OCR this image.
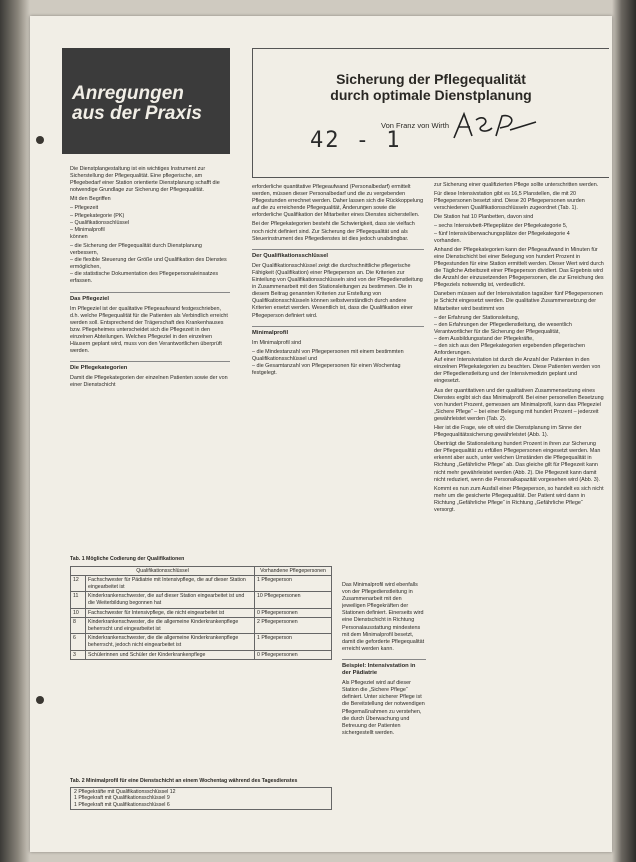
Anregungen
aus der Praxis
Sicherung der Pflegequalität
durch optimale Dienstplanung
Von Franz von Wirth
42 - 1

Die Dienstplangestaltung ist ein wichtiges Instrument zur Sicherstellung der Pflegequalität. Eine pflegerische, am Pflegebedarf einer Station orientierte Dienstplanung schafft die notwendige Grundlage zur Sicherung der Pflegequalität.

Mit den Begriffen

– Pflegezeit
– Pflegekategorie (PK)
– Qualifikationsschlüssel
– Minimalprofil

können

– die Sicherung der Pflegequalität durch Dienstplanung verbessern,
– die flexible Steuerung der Größe und Qualifikation des Dienstes ermöglichen,
– die statistische Dokumentation des Pflegepersonaleinsatzes erfassen.
Das Pflegeziel

Im Pflegeziel ist der qualitative Pflegeaufwand festgeschrieben, d.h. welche Pflegequalität für die Patienten als Verbindlich erreicht werden soll. Entsprechend der Trägerschaft des Krankenhauses bzw. Pflegeheimes unterscheidet sich die Pflegezeit in den einzelnen Abteilungen. Welches Pflegeziel in den einzelnen Häusern geplant wird, muss von den Verantwortlichen überprüft werden.

Die Pflegekategorien

Damit die Pflegekategorien der einzelnen Patienten sowie der von einer Dienstschicht

erforderliche quantitative Pflegeaufwand (Personalbedarf) ermittelt werden, müssen dieser Personalbedarf und die zu vergebenden Pflegestunden errechnet werden. Daher lassen sich die Rückkoppelung auf die zu erreichende Pflegequalität, Änderungen sowie die erforderliche Qualifikation der Mitarbeiter eines Dienstes sicherstellen.

Bei der Pflegekategorien besteht die Schwierigkeit, dass sie vielfach noch nicht definiert sind. Zur Sicherung der Pflegequalität und als Steuerinstrument des Pflegedienstes ist dies jedoch unabdingbar.

Der Qualifikationsschlüssel

Der Qualifikationsschlüssel zeigt die durchschnittliche pflegerische Fähigkeit (Qualifikation) einer Pflegeperson an. Die Kriterien zur Einteilung von Qualifikationsschlüsseln sind von der Pflegedienstleitung in Zusammenarbeit mit den Stationsleitungen zu bestimmen. Die in diesem Beitrag genannten Kriterien zur Erstellung von Qualifikationsschlüsseln können selbstverständlich durch andere Kriterien ersetzt werden. Wesentlich ist, dass die Qualifikation einer Pflegeperson definiert wird.

Minimalprofil

Im Minimalprofil sind

– die Mindestanzahl von Pflegepersonen mit einem bestimmten Qualifikationsschlüssel und
– die Gesamtanzahl von Pflegepersonen für einen Wochentag festgelegt.

Das Minimalprofil wird ebenfalls von der Pflegedienstleitung in Zusammenarbeit mit den jeweiligen Pflegekräften der Stationen definiert. Einerseits wird eine Dienstschicht in Richtung Personalausstattung mindestens mit dem Minimalprofil besetzt, damit die geforderte Pflegequalität erreicht werden kann.

Beispiel: Intensivstation in der Pädiatrie

Als Pflegeziel wird auf dieser Station die „Sichere Pflege“ definiert. Unter sicherer Pflege ist die Bereitstellung der notwendigen Pflegemaßnahmen zu verstehen, die durch Überwachung und Betreuung der Patienten sichergestellt werden.

zur Sicherung einer qualifizierten Pflege sollte unterschritten werden.

Für diese Intensivstation gibt es 16,5 Planstellen, die mit 20 Pflegepersonen besetzt sind. Diese 20 Pflegepersonen wurden verschiedenen Qualifikationsschlüsseln zugeordnet (Tab. 1).

Die Station hat 10 Planbetten, davon sind

– sechs Intensivbett-Pflegeplätze der Pflegekategorie 5,
– fünf Intensivüberwachungsplätze der Pflegekategorie 4

vorhanden.

Anhand der Pflegekategorien kann der Pflegeaufwand in Minuten für eine Dienstschicht bei einer Belegung von hundert Prozent in Pflegestunden für eine Station ermittelt werden. Dieser Wert wird durch die Tägliche Arbeitszeit einer Pflegeperson dividiert. Das Ergebnis wird die Anzahl der einzusetzenden Pflegepersonen, die zur Erreichung des Pflegeziels notwendig ist, verdeutlicht.

Daneben müssen auf der Intensivstation tagsüber fünf Pflegepersonen je Schicht eingesetzt werden. Die qualitative Zusammensetzung der Mitarbeiter wird bestimmt von

– der Erfahrung der Stationsleitung,
– den Erfahrungen der Pflegedienstleitung, die wesentlich Verantwortlicher für die Sicherung der Pflegequalität,
– dem Ausbildungsstand der Pflegekräfte,
– den sich aus den Pflegekategorien ergebenden pflegerischen Anforderungen.

Auf einer Intensivstation ist durch die Anzahl der Patienten in den einzelnen Pflegekategorien zu beachten. Diese Patienten werden von der Pflegedienstleitung und der Intensivmedizin geplant und eingesetzt.

Aus der quantitativen und der qualitativen Zusammensetzung eines Dienstes ergibt sich das Minimalprofil. Bei einer personellen Besetzung von hundert Prozent, gemessen am Minimalprofil, kann das Pflegeziel „Sichere Pflege“ – bei einer Belegung mit hundert Prozent – jederzeit gewährleistet werden (Tab. 2).

Hier ist die Frage, wie oft wird die Dienstplanung im Sinne der Pflegequalitätssicherung gewährleistet (Abb. 1).

Überträgt die Stationsleitung hundert Prozent in ihren zur Sicherung der Pflegequalität zu erfüllen Pflegepersonen eingesetzt werden. Man erkennt aber auch, unter welchen Umständen die Pflegequalität in Richtung „Gefährliche Pflege“ ab. Das gleiche gilt für Pflegezeit kann nicht mehr gewährleistet werden (Abb. 2). Die Pflegezeit kann damit nicht reduziert, wenn die Personalkapazität vorgesehen wird (Abb. 3).

Kommt es nun zum Ausfall einer Pflegeperson, so handelt es sich nicht mehr um die gesicherte Pflegequalität. Der Patient wird dann in Richtung „Gefährliche Pflege“ in Richtung „Gefährliche Pflege“ versorgt.

Tab. 1 Mögliche Codierung der Qualifikationen
Qualifikationsschlüssel		Vorhandene Pflegepersonen
12	Fachschwester für Pädiatrie mit Intensivpflege, die auf dieser Station eingearbeitet ist	1 Pflegeperson
11	Kinderkrankenschwester, die auf dieser Station eingearbeitet ist und die Weiterbildung begonnen hat	10 Pflegepersonen
10	Fachschwester für Intensivpflege, die nicht eingearbeitet ist	0 Pflegepersonen
8	Kinderkrankenschwester, die die allgemeine Kinderkrankenpflege beherrscht und eingearbeitet ist	2 Pflegepersonen
6	Kinderkrankenschwester, die die allgemeine Kinderkrankenpflege beherrscht, jedoch nicht eingearbeitet ist	1 Pflegeperson
3	Schülerinnen und Schüler der Kinderkrankenpflege	0 Pflegepersonen
Tab. 2 Minimalprofil für eine Dienstschicht an einem Wochentag während des Tagesdienstes
2 Pflegekräfte mit Qualifikationsschlüssel 12
1 Pflegekraft mit Qualifikationsschlüssel 9
1 Pflegekraft mit Qualifikationsschlüssel 6
